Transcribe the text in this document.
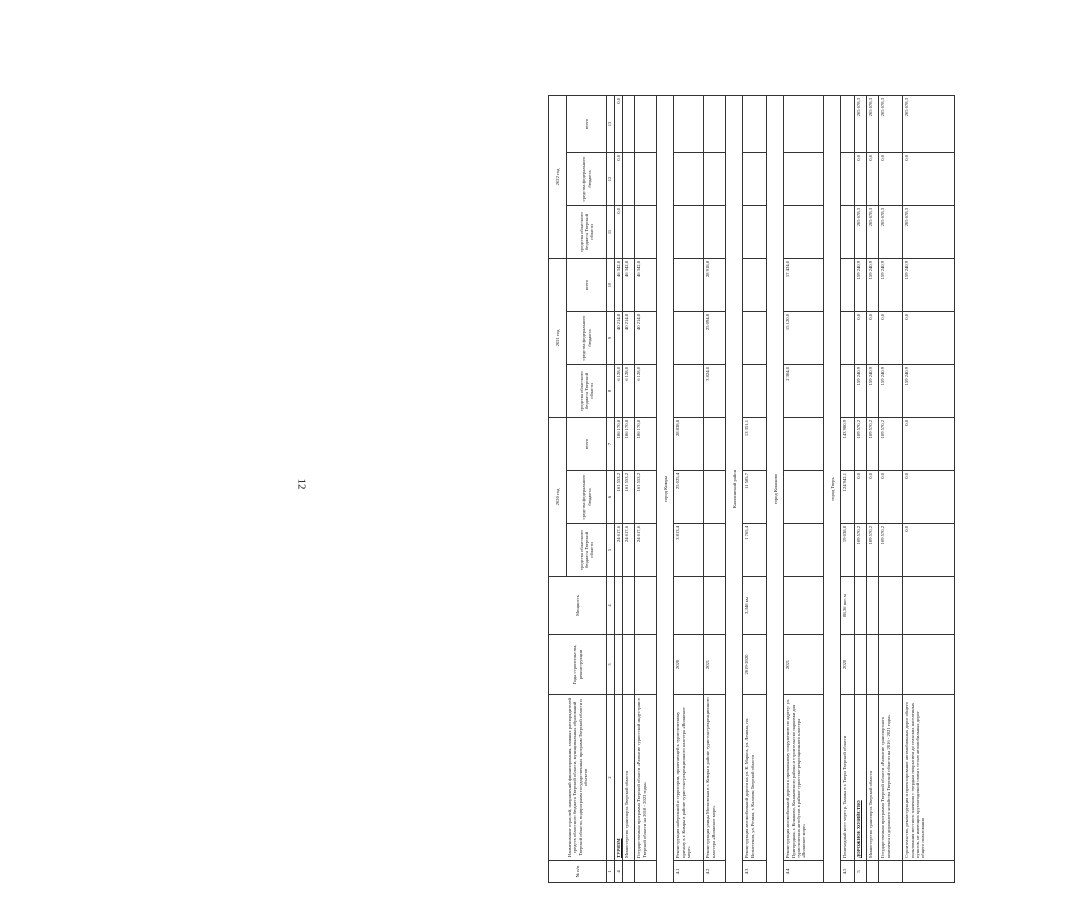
12
№ п/п	Наименование отраслей, направлений финансирования, главных распорядителей средств областного бюджета Тверской области, муниципальных образований Тверской области, подпрограмм государственных программ Тверской области и объектов	Годы строительства, реконструкции	Мощность	2020 год			2021 год			2022 год		
				средства областного бюджета Тверской области	средства федерального бюджета	всего	средства областного бюджета Тверской области	средства федерального бюджета	всего	средства областного бюджета Тверской области	средства федерального бюджета	всего
1	2	3	4	5	6	7	8	9	10	11	12	13
4	ТУРИЗМ			24 617,6	161 553,2	186 170,8	6 128,0	40 214,8	46 342,8	0,0	0,0	0,0
	Министерство транспорта Тверской области			24 617,6	161 553,2	186 170,8	6 128,0	40 214,8	46 342,8			
	Государственная программа Тверской области «Развитие туристской индустрии в Тверской области на 2018 - 2023 годы»			24 617,6	161 553,2	186 170,8	6 128,0	40 214,8	46 342,8			
город Кимры												
4.1	Реконструкция набережной и территории, прилегающей к туристическому причалу в г. Кимры в районе туристско-рекреационного кластера «Волжское море»	2020		3 813,4	25 025,4	28 838,8						
4.2	Реконструкция улицы Московская в г. Кимры в районе туристско-рекреационного кластера «Волжское море»	2021					3 824,0	25 094,8	28 918,8			
Калязинский район												
4.3	Реконструкция автомобильной дороги на ул. К. Маркса, ул. Ленина, пл. Вознесения, ул. Речная, г. Калязин Тверской области	2019-2020	3,348 км	1 765,4	11 585,7	13 351,1						
город Конаково												
4.4	Реконструкция автомобильной дороги к причальному сооружению по адресу: ул. Пригородная, г. Конаково, Конаковского района и строительство парковки для туристических автобусов в районе туристско-рекреационного кластера «Волжское море»	2021					2 304,0	15 120,0	17 424,0			
город Тверь												
4.5	Пешеходный мост через р. Тьмака в г. Твери Тверской области	2020	88,36 пог. м	19 038,8	124 942,1	143 980,9						
5	ДОРОЖНОЕ ХОЗЯЙСТВО			109 570,2	0,0	109 570,2	159 240,9	0,0	159 240,9	205 678,3	0,0	205 678,3
	Министерство транспорта Тверской области			109 570,2	0,0	109 570,2	159 240,9	0,0	159 240,9	205 678,3	0,0	205 678,3
	Государственная программа Тверской области «Развитие транспортного комплекса и дорожного хозяйства Тверской области на 2016 - 2021 годы»			109 570,2	0,0	109 570,2	159 240,9	0,0	159 240,9	205 678,3	0,0	205 678,3
	Строительство, реконструкция и проектирование автомобильных дорог общего пользования местного значения с твердым покрытием до сельских населенных пунктов, не имеющих круглогодичной связи с сетью автомобильных дорог общего пользования			0,0	0,0	0,0	159 240,9	0,0	159 240,9	205 678,3	0,0	205 678,3
